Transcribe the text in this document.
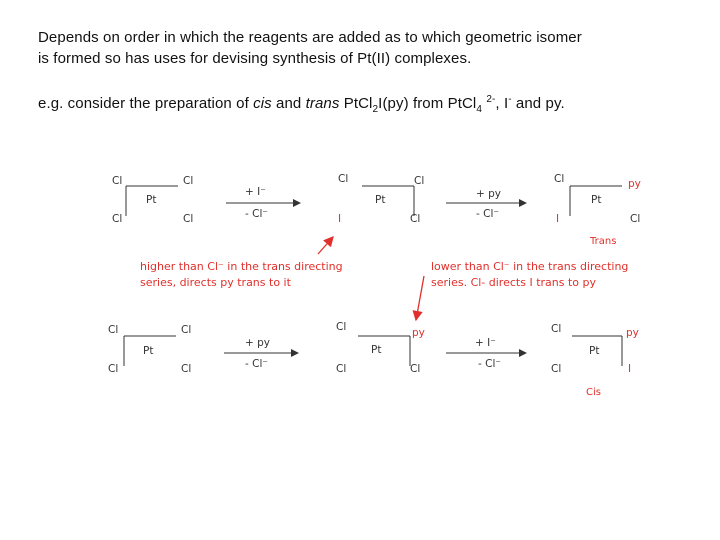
Depends on order in which the reagents are added as to which geometric isomer
is formed so has uses for devising synthesis of Pt(II) complexes.
e.g. consider the preparation of cis and trans PtCl$_2$I(py) from PtCl$_4$ $^{2-}$, I- and py.
Cl	Cl
Cl	Cl
Pt
+ I⁻
- Cl⁻
Cl	Cl
I	Cl
Pt	+ py
- Cl⁻
Cl	py
I	Cl
Pt
Trans
Cl	Cl
Cl	Cl
Pt
+ py
- Cl⁻
Cl	py
Cl	Cl
Pt
+ I⁻
- Cl⁻
Cl	py
Cl	I
Pt
Cis
higher than Cl⁻ in the trans directing
series, directs py trans to it
lower than Cl⁻ in the trans directing
series. Cl- directs I trans to py
